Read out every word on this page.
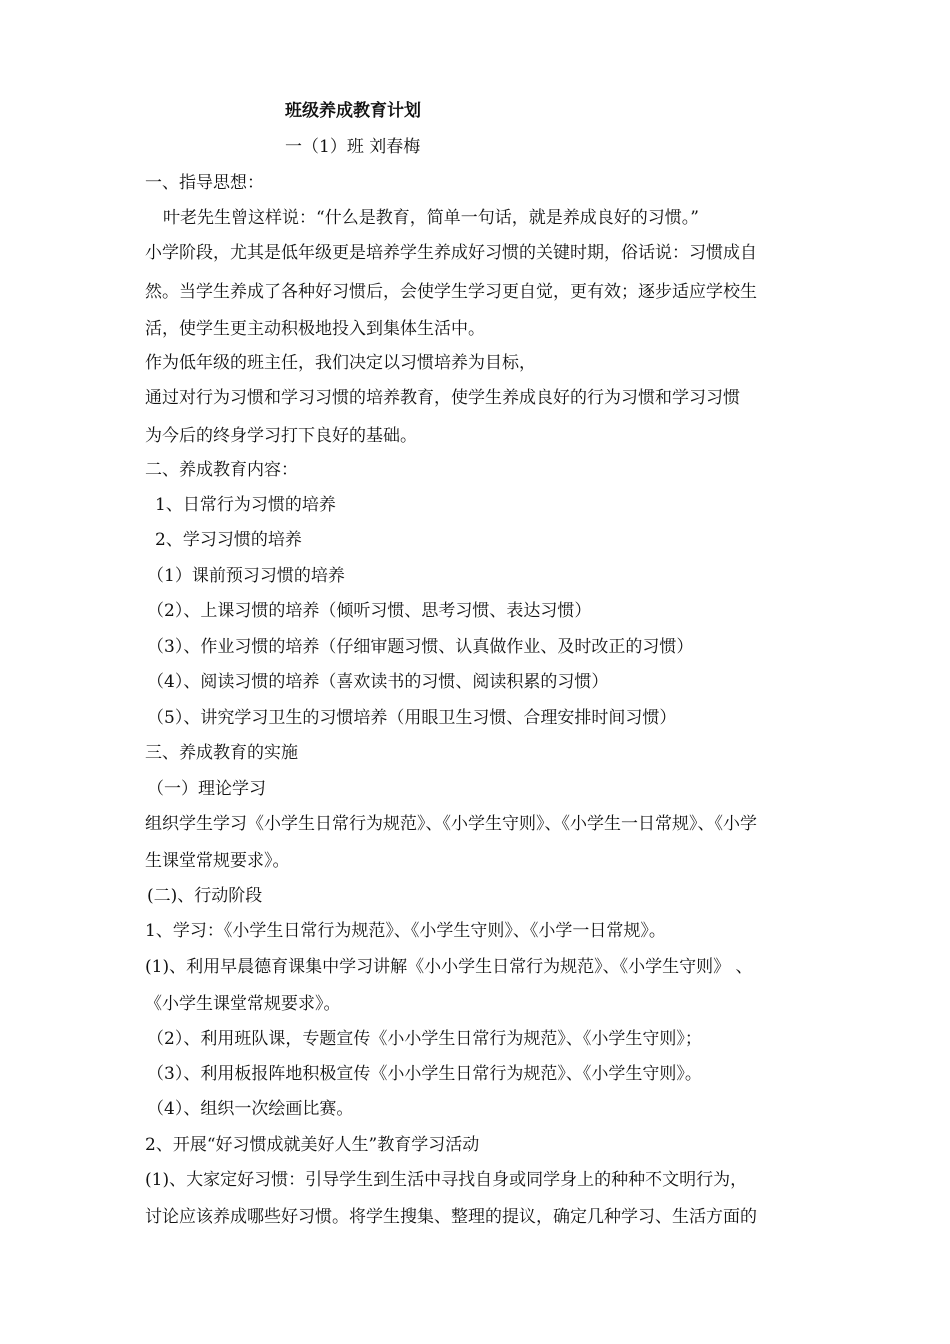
班级养成教育计划
一（1）班 刘春梅
一、指导思想：
叶老先生曾这样说：“什么是教育，简单一句话，就是养成良好的习惯。”
小学阶段，尤其是低年级更是培养学生养成好习惯的关键时期，俗话说：习惯成自
然。当学生养成了各种好习惯后，会使学生学习更自觉，更有效；逐步适应学校生
活，使学生更主动积极地投入到集体生活中。
作为低年级的班主任，我们决定以习惯培养为目标，
通过对行为习惯和学习习惯的培养教育，使学生养成良好的行为习惯和学习习惯
为今后的终身学习打下良好的基础。
二、养成教育内容：
1、日常行为习惯的培养
2、学习习惯的培养
（1）课前预习习惯的培养
（2）、上课习惯的培养（倾听习惯、思考习惯、表达习惯）
（3）、作业习惯的培养（仔细审题习惯、认真做作业、及时改正的习惯）
（4）、阅读习惯的培养（喜欢读书的习惯、阅读积累的习惯）
（5）、讲究学习卫生的习惯培养（用眼卫生习惯、合理安排时间习惯）
三、养成教育的实施
（一）理论学习
组织学生学习《小学生日常行为规范》、《小学生守则》、《小学生一日常规》、《小学
生课堂常规要求》。
(二)、行动阶段
1、学习：《小学生日常行为规范》、《小学生守则》、《小学一日常规》。
(1)、利用早晨德育课集中学习讲解《小小学生日常行为规范》、《小学生守则》 、
《小学生课堂常规要求》。
（2）、利用班队课，专题宣传《小小学生日常行为规范》、《小学生守则》；
（3）、利用板报阵地积极宣传《小小学生日常行为规范》、《小学生守则》。
（4）、组织一次绘画比赛。
2、开展“好习惯成就美好人生”教育学习活动
(1)、大家定好习惯：引导学生到生活中寻找自身或同学身上的种种不文明行为，
讨论应该养成哪些好习惯。将学生搜集、整理的提议，确定几种学习、生活方面的
